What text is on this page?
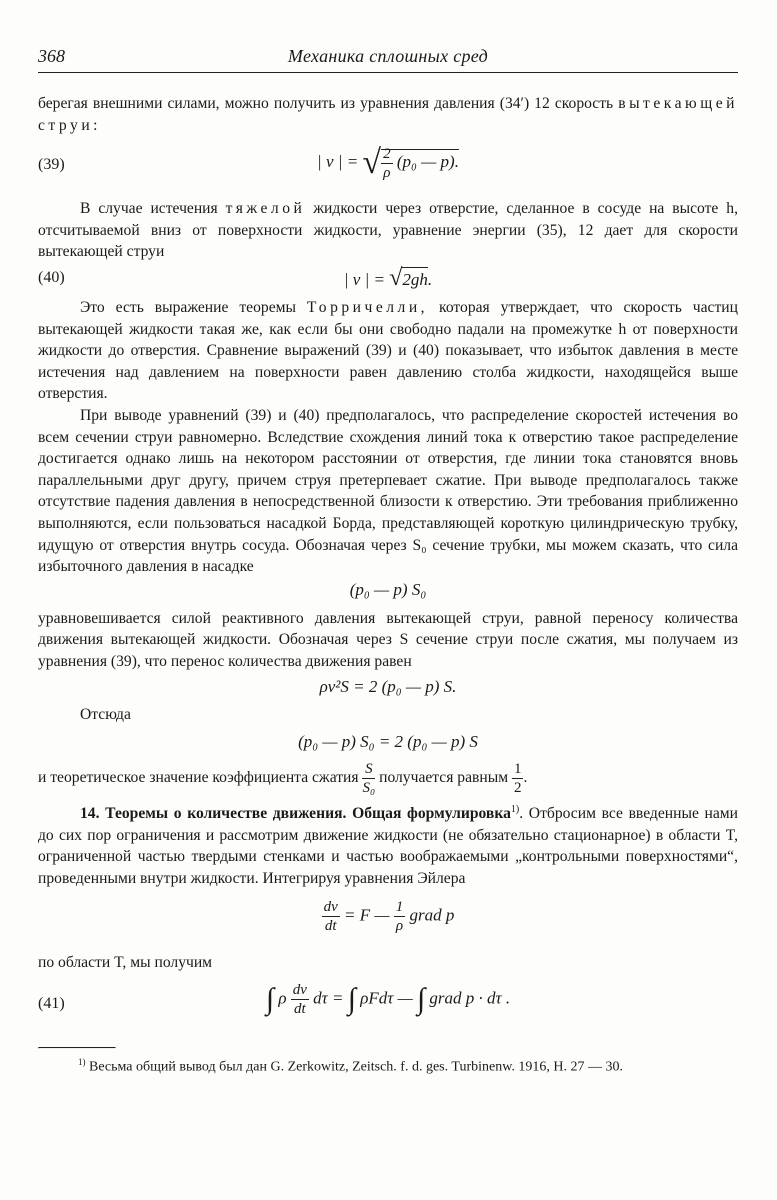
368	Механика сплошных сред

берегая внешними силами, можно получить из уравнения давления (34′) 12 скорость вытекающей струи:

(39)	| v | = √ $\frac{2}{\rho} (p_0$ — p).

В случае истечения тяжелой жидкости через отверстие, сделанное в сосуде на высоте h, отсчитываемой вниз от поверхности жидкости, уравнение энергии (35), 12 дает для скорости вытекающей струи

(40)	| v | = √2gh.

Это есть выражение теоремы Торричелли, которая утверждает, что скорость частиц вытекающей жидкости такая же, как если бы они свободно падали на промежутке h от поверхности жидкости до отверстия. Сравнение выражений (39) и (40) показывает, что избыток давления в месте истечения над давлением на поверхности равен давлению столба жидкости, находящейся выше отверстия.

При выводе уравнений (39) и (40) предполагалось, что распределение скоростей истечения во всем сечении струи равномерно. Вследствие схождения линий тока к отверстию такое распределение достигается однако лишь на некотором расстоянии от отверстия, где линии тока становятся вновь параллельными друг другу, причем струя претерпевает сжатие. При выводе предполагалось также отсутствие падения давления в непосредственной близости к отверстию. Эти требования приближенно выполняются, если пользоваться насадкой Борда, представляющей короткую цилиндрическую трубку, идущую от отверстия внутрь сосуда. Обозначая через S₀ сечение трубки, мы можем сказать, что сила избыточного давления в насадке

(p₀ — p) S₀

уравновешивается силой реактивного давления вытекающей струи, равной переносу количества движения вытекающей жидкости. Обозначая через S сечение струи после сжатия, мы получаем из уравнения (39), что перенос количества движения равен

ρv²S = 2 (p₀ — p) S.

Отсюда

(p₀ — p) S₀ = 2 (p₀ — p) S

и теоретическое значение коэффициента сжатия $\frac{S}{\text{S₀}}$ получается равным $\frac{1}{2}$ .

14. Теоремы о количестве движения. Общая формулировка$^{1)}$. Отбросим все введенные нами до сих пор ограничения и рассмотрим движение жидкости (не обязательно стационарное) в области T, ограниченной частью твердыми стенками и частью воображаемыми „контрольными поверхностями“, проведенными внутри жидкости. Интегрируя уравнения Эйлера

$\frac{dv}{dt} = F$ — $\frac{1}{\rho}$ grad p

по области T, мы получим

(41)	∫ ρ $\frac{dv}{dt}$ dτ = ∫ ρFdτ — ∫ grad p · dτ .

$^{1)}$ Весьма общий вывод был дан G. Zerkowitz, Zeitsch. f. d. ges. Turbinenw. 1916, H. 27 — 30.
